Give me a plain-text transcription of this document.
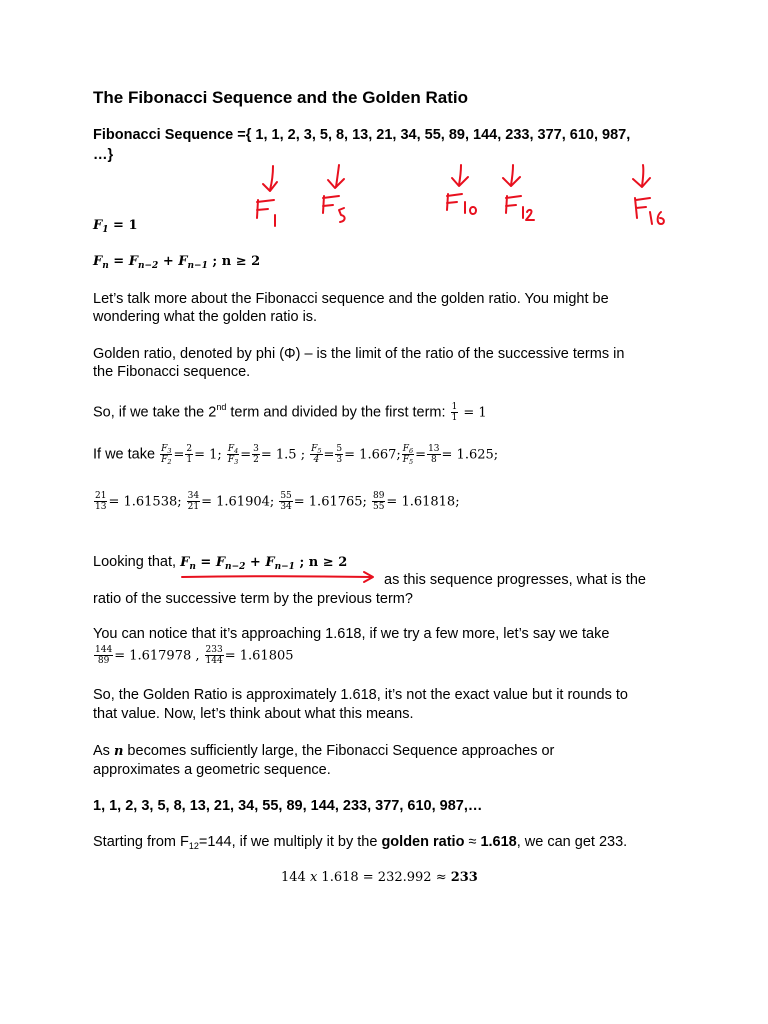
The Fibonacci Sequence and the Golden Ratio
Fibonacci Sequence ={ 1, 1, 2, 3, 5, 8, 13, 21, 34, 55, 89, 144, 233, 377, 610, 987,
…}
$F_1 = 1$
$F_n = F_{n-2} + F_{n-1}$ ; n ≥ 2
Let’s talk more about the Fibonacci sequence and the golden ratio. You might be
wondering what the golden ratio is.
Golden ratio, denoted by phi (Φ) – is the limit of the ratio of the successive terms in
the Fibonacci sequence.
So, if we take the 2nd term and divided by the first term: $\frac{1}{1} = 1$
If we take $\frac{F_3}{F_2} = \frac{2}{1} = 1$; $\frac{F_4}{F_3} = \frac{3}{2} = 1.5$ ; $\frac{F_5}{4} = \frac{5}{3} = 1.667$; $\frac{F_6}{F_5} = \frac{13}{8} = 1.625$;
$\frac{21}{13} = 1.61538$; $\frac{34}{21} = 1.61904$; $\frac{55}{34} = 1.61765$; $\frac{89}{55} = 1.61818$;
Looking that, $F_n = F_{n-2} + F_{n-1}$ ; n ≥ 2
as this sequence progresses, what is the
ratio of the successive term by the previous term?
You can notice that it’s approaching 1.618, if we try a few more, let’s say we take
$\frac{144}{89} = 1.617978$ , $\frac{233}{144} = 1.61805$
So, the Golden Ratio is approximately 1.618, it’s not the exact value but it rounds to
that value. Now, let’s think about what this means.
As n becomes sufficiently large, the Fibonacci Sequence approaches or
approximates a geometric sequence.
1, 1, 2, 3, 5, 8, 13, 21, 34, 55, 89, 144, 233, 377, 610, 987,…
Starting from $F_{12}=144$, if we multiply it by the golden ratio ≈ 1.618, we can get 233.
144 x 1.618 = 232.992 ≈ 233
